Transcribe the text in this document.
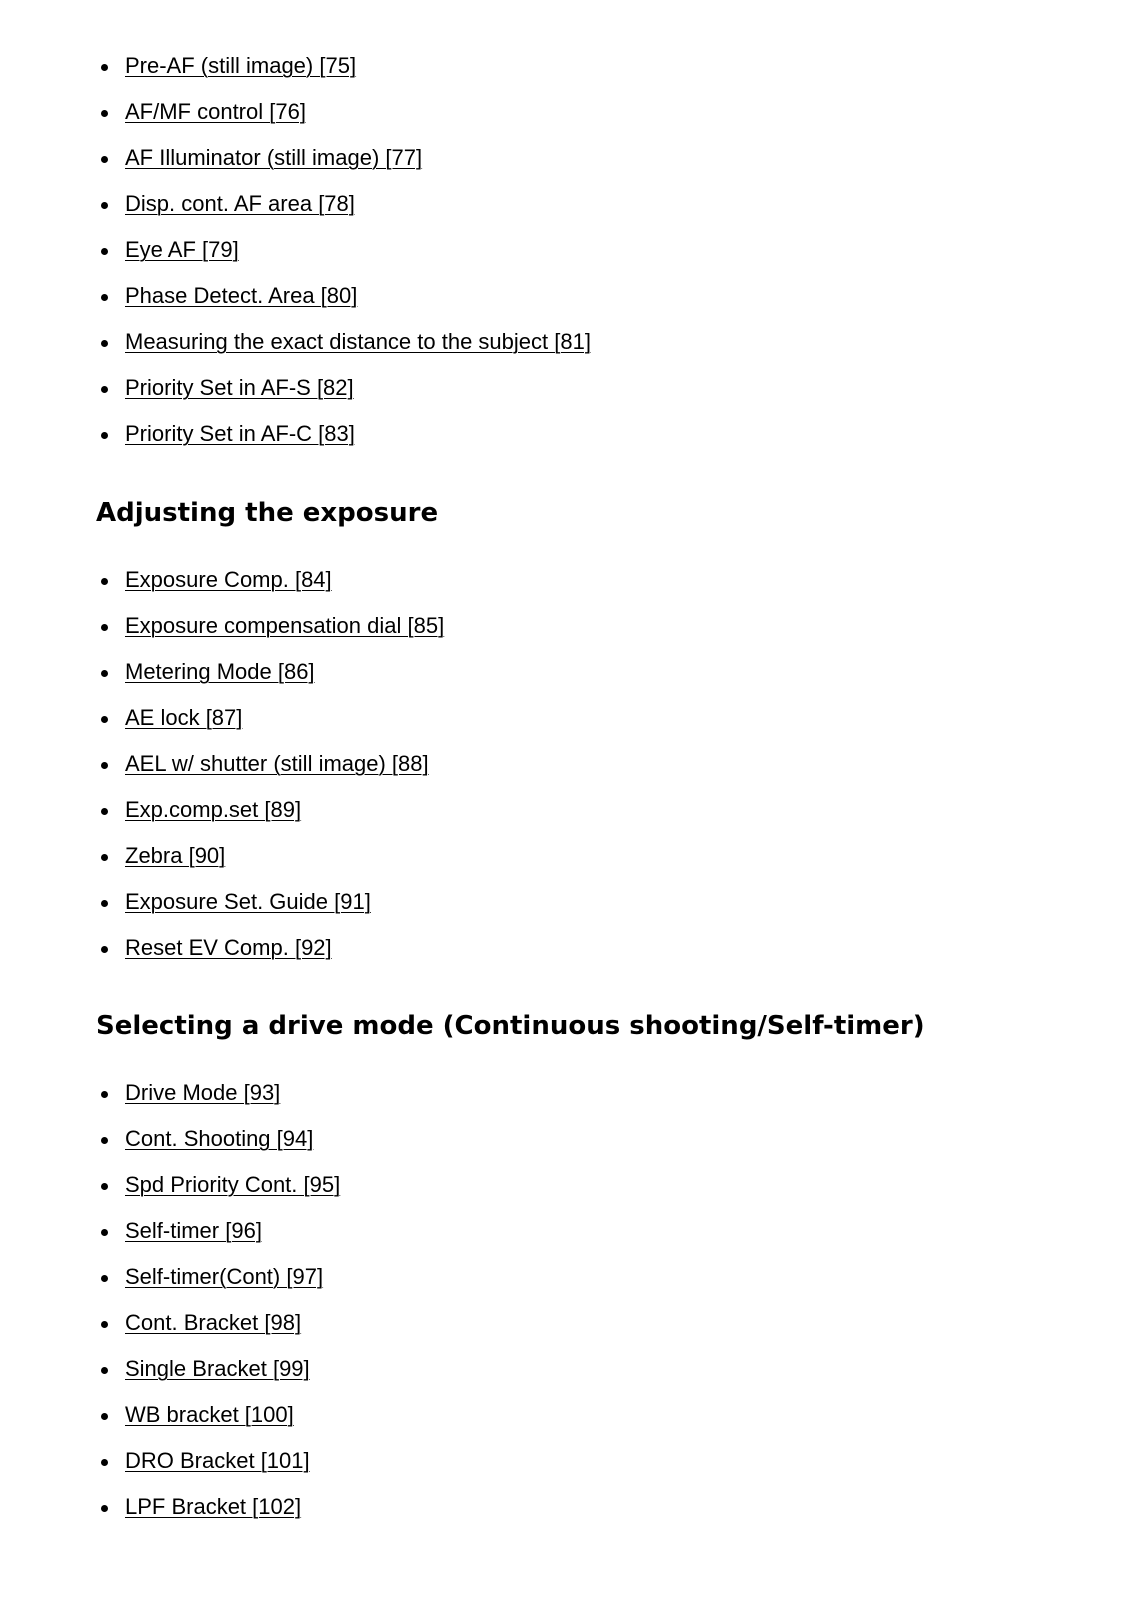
Pre-AF (still image) [75]
AF/MF control [76]
AF Illuminator (still image) [77]
Disp. cont. AF area [78]
Eye AF [79]
Phase Detect. Area [80]
Measuring the exact distance to the subject [81]
Priority Set in AF-S [82]
Priority Set in AF-C [83]
Adjusting the exposure
Exposure Comp. [84]
Exposure compensation dial [85]
Metering Mode [86]
AE lock [87]
AEL w/ shutter (still image) [88]
Exp.comp.set [89]
Zebra [90]
Exposure Set. Guide [91]
Reset EV Comp. [92]
Selecting a drive mode (Continuous shooting/Self-timer)
Drive Mode [93]
Cont. Shooting [94]
Spd Priority Cont. [95]
Self-timer [96]
Self-timer(Cont) [97]
Cont. Bracket [98]
Single Bracket [99]
WB bracket [100]
DRO Bracket [101]
LPF Bracket [102]
